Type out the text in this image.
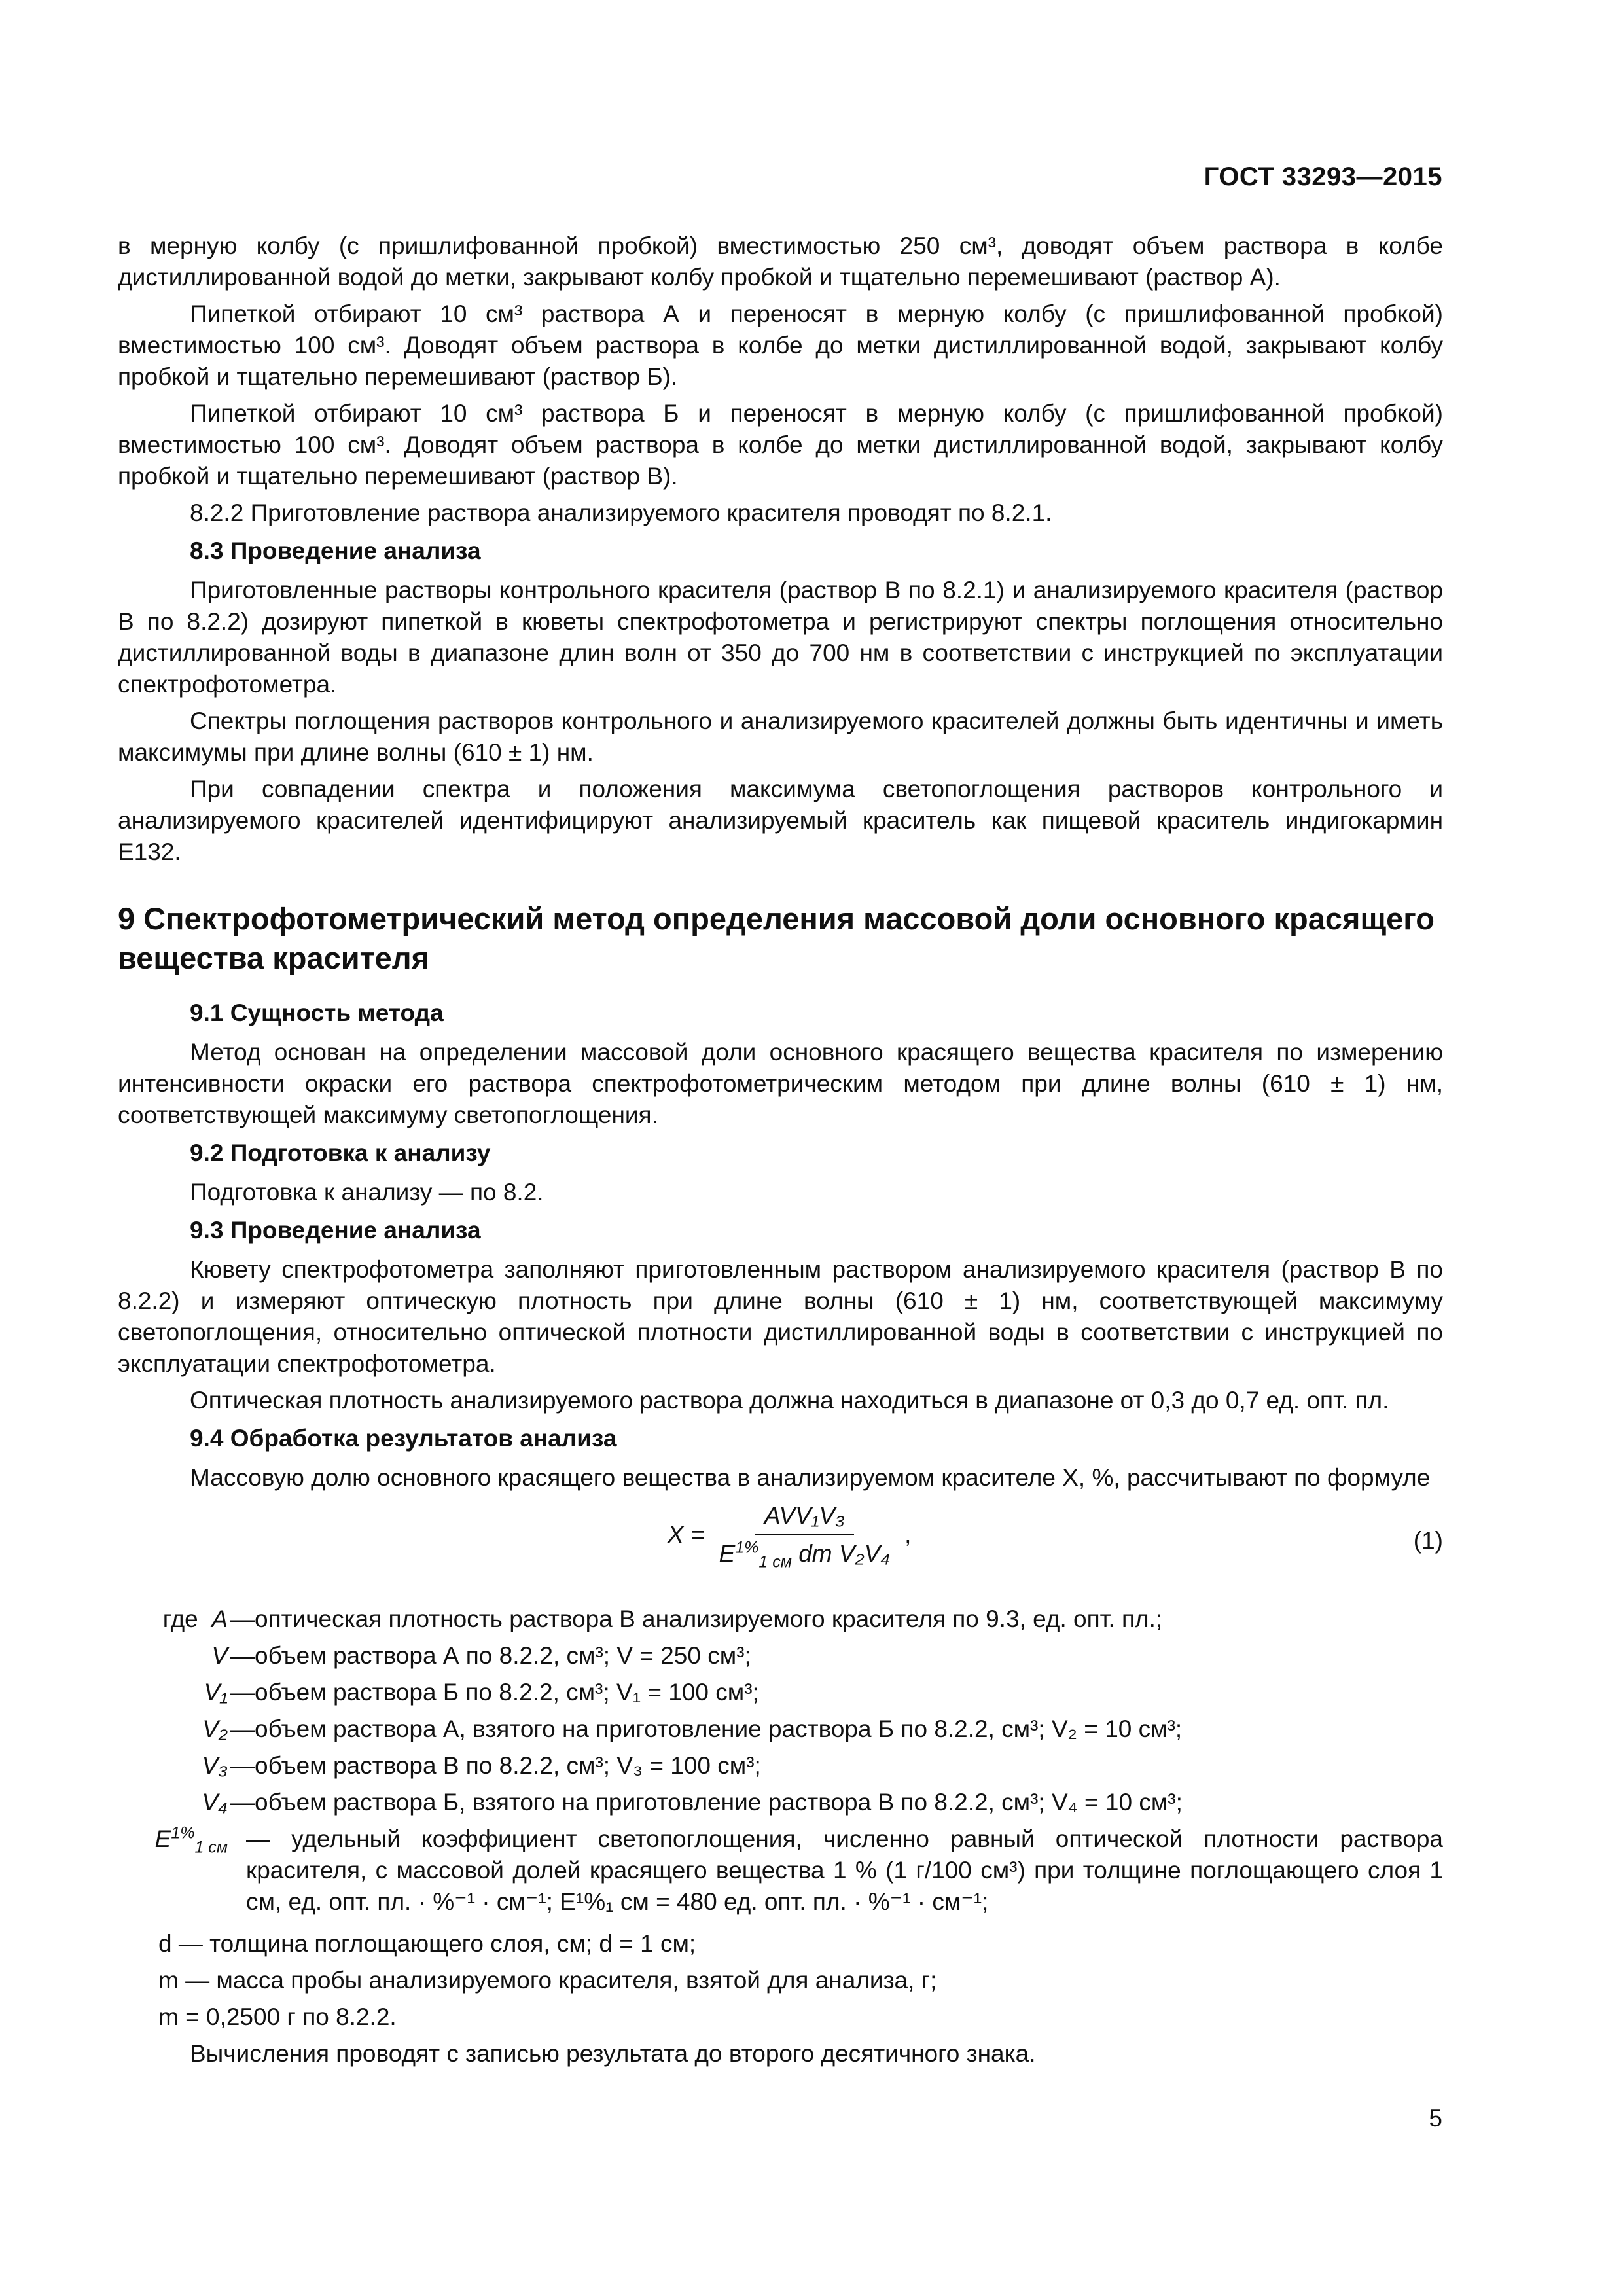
ГОСТ 33293—2015

в мерную колбу (с пришлифованной пробкой) вместимостью 250 см³, доводят объем раствора в колбе дистиллированной водой до метки, закрывают колбу пробкой и тщательно перемешивают (раствор А).

Пипеткой отбирают 10 см³ раствора А и переносят в мерную колбу (с пришлифованной пробкой) вместимостью 100 см³. Доводят объем раствора в колбе до метки дистиллированной водой, закрывают колбу пробкой и тщательно перемешивают (раствор Б).

Пипеткой отбирают 10 см³ раствора Б и переносят в мерную колбу (с пришлифованной пробкой) вместимостью 100 см³. Доводят объем раствора в колбе до метки дистиллированной водой, закрывают колбу пробкой и тщательно перемешивают (раствор В).

8.2.2 Приготовление раствора анализируемого красителя проводят по 8.2.1.

8.3 Проведение анализа

Приготовленные растворы контрольного красителя (раствор В по 8.2.1) и анализируемого красителя (раствор В по 8.2.2) дозируют пипеткой в кюветы спектрофотометра и регистрируют спектры поглощения относительно дистиллированной воды в диапазоне длин волн от 350 до 700 нм в соответствии с инструкцией по эксплуатации спектрофотометра.

Спектры поглощения растворов контрольного и анализируемого красителей должны быть идентичны и иметь максимумы при длине волны (610 ± 1) нм.

При совпадении спектра и положения максимума светопоглощения растворов контрольного и анализируемого красителей идентифицируют анализируемый краситель как пищевой краситель индигокармин Е132.

9 Спектрофотометрический метод определения массовой доли основного красящего вещества красителя
9.1 Сущность метода

Метод основан на определении массовой доли основного красящего вещества красителя по измерению интенсивности окраски его раствора спектрофотометрическим методом при длине волны (610 ± 1) нм, соответствующей максимуму светопоглощения.

9.2 Подготовка к анализу

Подготовка к анализу — по 8.2.

9.3 Проведение анализа

Кювету спектрофотометра заполняют приготовленным раствором анализируемого красителя (раствор В по 8.2.2) и измеряют оптическую плотность при длине волны (610 ± 1) нм, соответствующей максимуму светопоглощения, относительно оптической плотности дистиллированной воды в соответствии с инструкцией по эксплуатации спектрофотометра.

Оптическая плотность анализируемого раствора должна находиться в диапазоне от 0,3 до 0,7 ед. опт. пл.

9.4 Обработка результатов анализа

Массовую долю основного красящего вещества в анализируемом красителе X, %, рассчитывают по формуле

$X = \frac{\text{AVV₁V₃}}{E^{1\%}_{1 см} dm V_2V_4}$ ,	(1)
где A —оптическая плотность раствора В анализируемого красителя по 9.3, ед. опт. пл.;
V —объем раствора А по 8.2.2, см³; V = 250 см³;
V₁ —объем раствора Б по 8.2.2, см³; V₁ = 100 см³;
V₂ —объем раствора А, взятого на приготовление раствора Б по 8.2.2, см³; V₂ = 10 см³;
V₃ —объем раствора В по 8.2.2, см³; V₃ = 100 см³;
V₄ —объем раствора Б, взятого на приготовление раствора В по 8.2.2, см³; V₄ = 10 см³;
$E^{1\%}_{1 см}$ — удельный коэффициент светопоглощения, численно равный оптической плотности раствора красителя, с массовой долей красящего вещества 1 % (1 г/100 см³) при толщине поглощающего слоя 1 см, ед. опт. пл. · %⁻¹ · см⁻¹; E¹%₁ см = 480 ед. опт. пл. · %⁻¹ · см⁻¹;
d — толщина поглощающего слоя, см; d = 1 см;
m — масса пробы анализируемого красителя, взятой для анализа, г;
m = 0,2500 г по 8.2.2.

Вычисления проводят с записью результата до второго десятичного знака.

5
